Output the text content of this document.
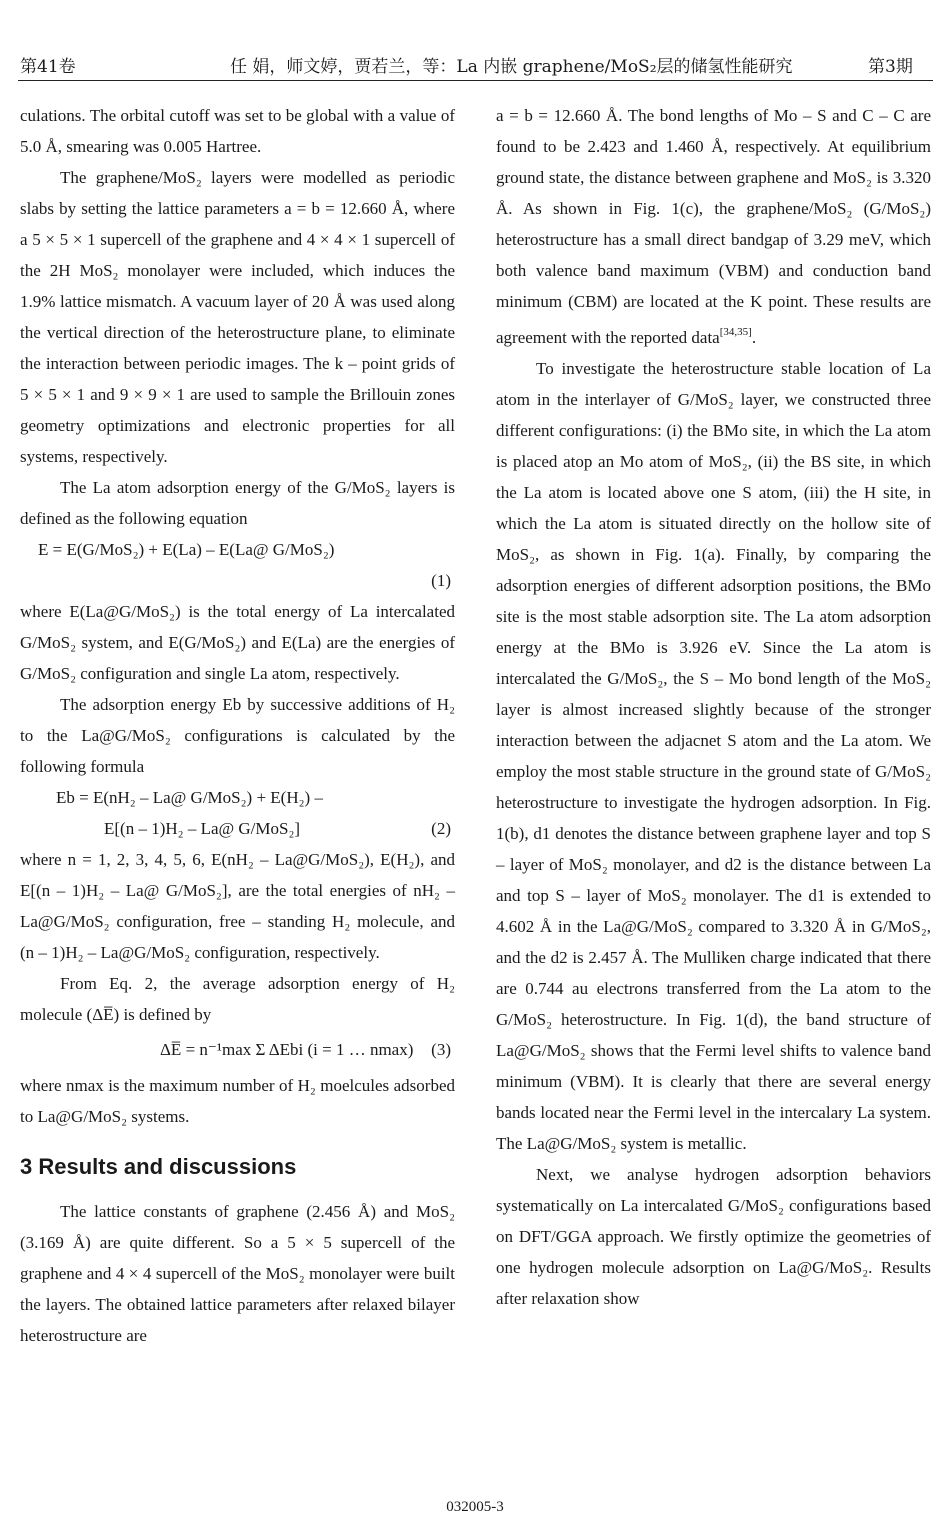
第41卷	任 娟，师文婷，贾若兰，等：La 内嵌 graphene/MoS₂层的储氢性能研究	第3期

culations. The orbital cutoff was set to be global with a value of 5.0 Å, smearing was 0.005 Hartree.

The graphene/MoS₂ layers were modelled as periodic slabs by setting the lattice parameters a = b = 12.660 Å, where a 5 × 5 × 1 supercell of the graphene and 4 × 4 × 1 supercell of the 2H MoS₂ monolayer were included, which induces the 1.9% lattice mismatch. A vacuum layer of 20 Å was used along the vertical direction of the heterostructure plane, to eliminate the interaction between periodic images. The k – point grids of 5 × 5 × 1 and 9 × 9 × 1 are used to sample the Brillouin zones geometry optimizations and electronic properties for all systems, respectively.

The La atom adsorption energy of the G/MoS₂ layers is defined as the following equation

E = E(G/MoS₂) + E(La) – E(La@ G/MoS₂)
(1)

where E(La@G/MoS₂) is the total energy of La intercalated G/MoS₂ system, and E(G/MoS₂) and E(La) are the energies of G/MoS₂ configuration and single La atom, respectively.

The adsorption energy Eb by successive additions of H₂ to the La@G/MoS₂ configurations is calculated by the following formula

Eb = E(nH₂ – La@ G/MoS₂) + E(H₂) –
E[(n – 1)H₂ – La@ G/MoS₂]	(2)

where n = 1, 2, 3, 4, 5, 6, E(nH₂ – La@G/MoS₂), E(H₂), and E[(n – 1)H₂ – La@ G/MoS₂], are the total energies of nH₂ – La@G/MoS₂ configuration, free – standing H₂ molecule, and (n – 1)H₂ – La@G/MoS₂ configuration, respectively.

From Eq. 2, the average adsorption energy of H₂ molecule (ΔE̅) is defined by

ΔE̅ = n⁻¹max Σ ΔEbi (i = 1 … nmax) (3)

where nmax is the maximum number of H₂ moelcules adsorbed to La@G/MoS₂ systems.

3 Results and discussions

The lattice constants of graphene (2.456 Å) and MoS₂ (3.169 Å) are quite different. So a 5 × 5 supercell of the graphene and 4 × 4 supercell of the MoS₂ monolayer were built the layers. The obtained lattice parameters after relaxed bilayer heterostructure are

a = b = 12.660 Å. The bond lengths of Mo – S and C – C are found to be 2.423 and 1.460 Å, respectively. At equilibrium ground state, the distance between graphene and MoS₂ is 3.320 Å. As shown in Fig. 1(c), the graphene/MoS₂ (G/MoS₂) heterostructure has a small direct bandgap of 3.29 meV, which both valence band maximum (VBM) and conduction band minimum (CBM) are located at the K point. These results are agreement with the reported data[34,35].

To investigate the heterostructure stable location of La atom in the interlayer of G/MoS₂ layer, we constructed three different configurations: (i) the BMo site, in which the La atom is placed atop an Mo atom of MoS₂, (ii) the BS site, in which the La atom is located above one S atom, (iii) the H site, in which the La atom is situated directly on the hollow site of MoS₂, as shown in Fig. 1(a). Finally, by comparing the adsorption energies of different adsorption positions, the BMo site is the most stable adsorption site. The La atom adsorption energy at the BMo is 3.926 eV. Since the La atom is intercalated the G/MoS₂, the S – Mo bond length of the MoS₂ layer is almost increased slightly because of the stronger interaction between the adjacnet S atom and the La atom. We employ the most stable structure in the ground state of G/MoS₂ heterostructure to investigate the hydrogen adsorption. In Fig. 1(b), d1 denotes the distance between graphene layer and top S – layer of MoS₂ monolayer, and d2 is the distance between La and top S – layer of MoS₂ monolayer. The d1 is extended to 4.602 Å in the La@G/MoS₂ compared to 3.320 Å in G/MoS₂, and the d2 is 2.457 Å. The Mulliken charge indicated that there are 0.744 au electrons transferred from the La atom to the G/MoS₂ heterostructure. In Fig. 1(d), the band structure of La@G/MoS₂ shows that the Fermi level shifts to valence band minimum (VBM). It is clearly that there are several energy bands located near the Fermi level in the intercalary La system. The La@G/MoS₂ system is metallic.

Next, we analyse hydrogen adsorption behaviors systematically on La intercalated G/MoS₂ configurations based on DFT/GGA approach. We firstly optimize the geometries of one hydrogen molecule adsorption on La@G/MoS₂. Results after relaxation show

032005-3
